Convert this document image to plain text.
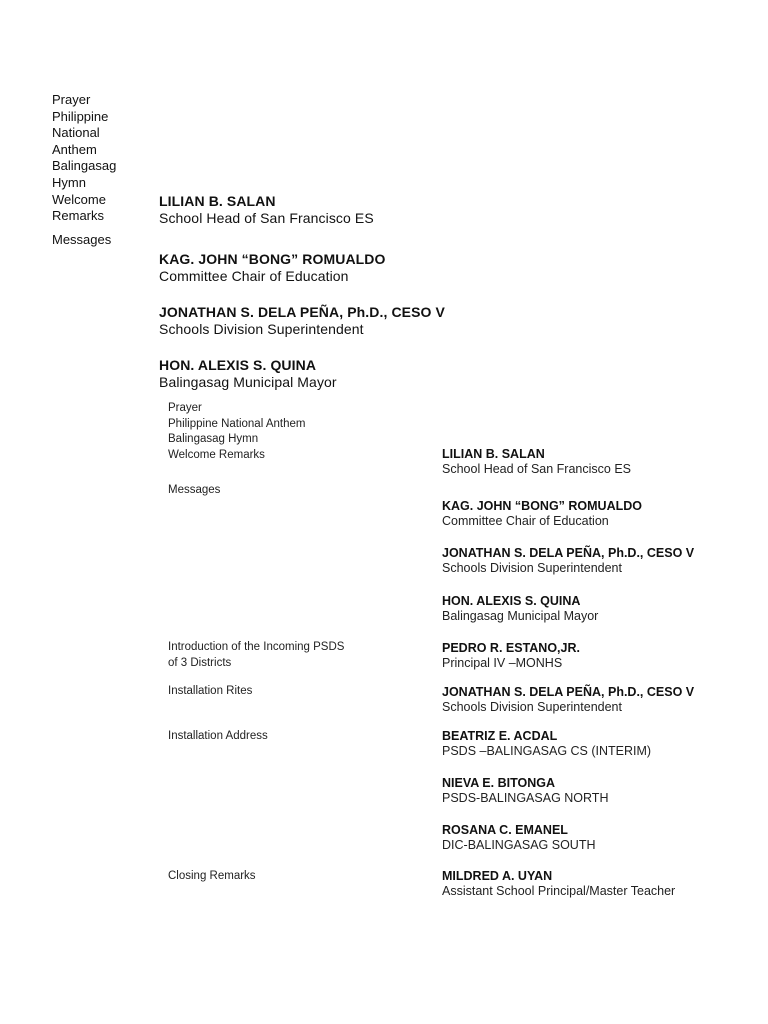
Prayer
Philippine
National
Anthem
Balingasag
Hymn
Welcome
Remarks
Messages
LILIAN B. SALAN
School Head of San Francisco ES
KAG. JOHN “BONG” ROMUALDO
Committee Chair of Education
JONATHAN S. DELA PEÑA, Ph.D., CESO V
Schools Division Superintendent
HON. ALEXIS S. QUINA
Balingasag Municipal Mayor
Prayer
Philippine National Anthem
Balingasag Hymn
Welcome Remarks
Messages
Introduction of the Incoming PSDS
of 3 Districts
Installation Rites
Installation Address
Closing Remarks
LILIAN B. SALAN
School Head of San Francisco ES
KAG. JOHN “BONG” ROMUALDO
Committee Chair of Education
JONATHAN S. DELA PEÑA, Ph.D., CESO V
Schools Division Superintendent
HON. ALEXIS S. QUINA
Balingasag Municipal Mayor
PEDRO R. ESTANO,JR.
Principal IV –MONHS
JONATHAN S. DELA PEÑA, Ph.D., CESO V
Schools Division Superintendent
BEATRIZ E. ACDAL
PSDS –BALINGASAG CS (INTERIM)
NIEVA E. BITONGA
PSDS-BALINGASAG NORTH
ROSANA C. EMANEL
DIC-BALINGASAG SOUTH
MILDRED A. UYAN
Assistant School Principal/Master Teacher
